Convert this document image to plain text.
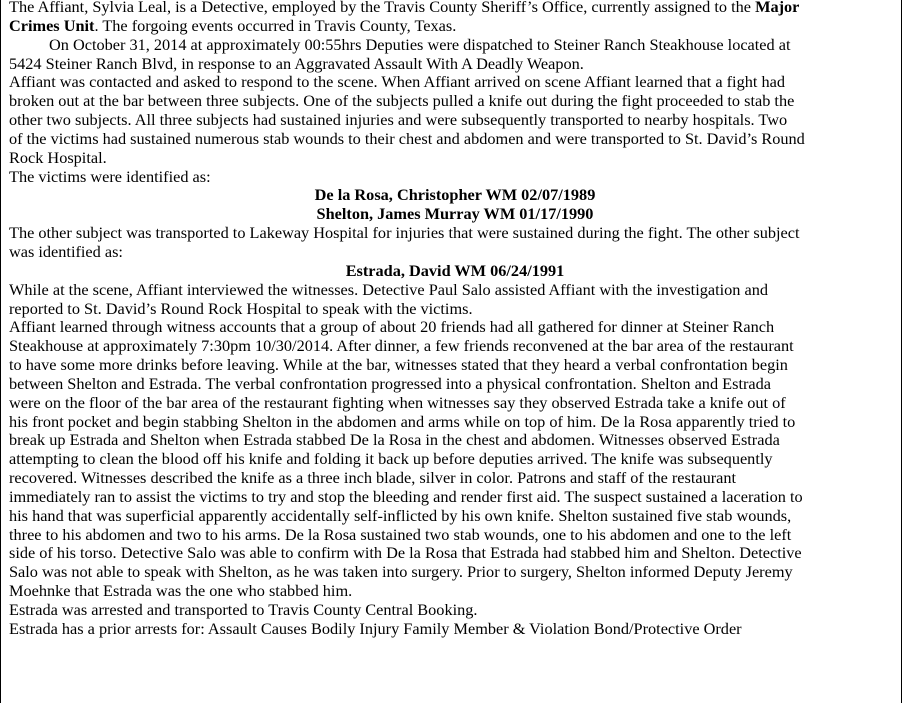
The Affiant, Sylvia Leal, is a Detective, employed by the Travis County Sheriff’s Office, currently assigned to the Major
Crimes Unit. The forgoing events occurred in Travis County, Texas.
On October 31, 2014 at approximately 00:55hrs Deputies were dispatched to Steiner Ranch Steakhouse located at
5424 Steiner Ranch Blvd, in response to an Aggravated Assault With A Deadly Weapon.
Affiant was contacted and asked to respond to the scene. When Affiant arrived on scene Affiant learned that a fight had
broken out at the bar between three subjects. One of the subjects pulled a knife out during the fight proceeded to stab the
other two subjects. All three subjects had sustained injuries and were subsequently transported to nearby hospitals. Two
of the victims had sustained numerous stab wounds to their chest and abdomen and were transported to St. David’s Round
Rock Hospital.
The victims were identified as:
De la Rosa, Christopher WM 02/07/1989
Shelton, James Murray WM 01/17/1990
The other subject was transported to Lakeway Hospital for injuries that were sustained during the fight. The other subject
was identified as:
Estrada, David WM 06/24/1991
While at the scene, Affiant interviewed the witnesses. Detective Paul Salo assisted Affiant with the investigation and
reported to St. David’s Round Rock Hospital to speak with the victims.
Affiant learned through witness accounts that a group of about 20 friends had all gathered for dinner at Steiner Ranch
Steakhouse at approximately 7:30pm 10/30/2014. After dinner, a few friends reconvened at the bar area of the restaurant
to have some more drinks before leaving. While at the bar, witnesses stated that they heard a verbal confrontation begin
between Shelton and Estrada. The verbal confrontation progressed into a physical confrontation. Shelton and Estrada
were on the floor of the bar area of the restaurant fighting when witnesses say they observed Estrada take a knife out of
his front pocket and begin stabbing Shelton in the abdomen and arms while on top of him. De la Rosa apparently tried to
break up Estrada and Shelton when Estrada stabbed De la Rosa in the chest and abdomen. Witnesses observed Estrada
attempting to clean the blood off his knife and folding it back up before deputies arrived. The knife was subsequently
recovered. Witnesses described the knife as a three inch blade, silver in color. Patrons and staff of the restaurant
immediately ran to assist the victims to try and stop the bleeding and render first aid. The suspect sustained a laceration to
his hand that was superficial apparently accidentally self-inflicted by his own knife. Shelton sustained five stab wounds,
three to his abdomen and two to his arms. De la Rosa sustained two stab wounds, one to his abdomen and one to the left
side of his torso. Detective Salo was able to confirm with De la Rosa that Estrada had stabbed him and Shelton. Detective
Salo was not able to speak with Shelton, as he was taken into surgery. Prior to surgery, Shelton informed Deputy Jeremy
Moehnke that Estrada was the one who stabbed him.
Estrada was arrested and transported to Travis County Central Booking.
Estrada has a prior arrests for: Assault Causes Bodily Injury Family Member & Violation Bond/Protective Order
